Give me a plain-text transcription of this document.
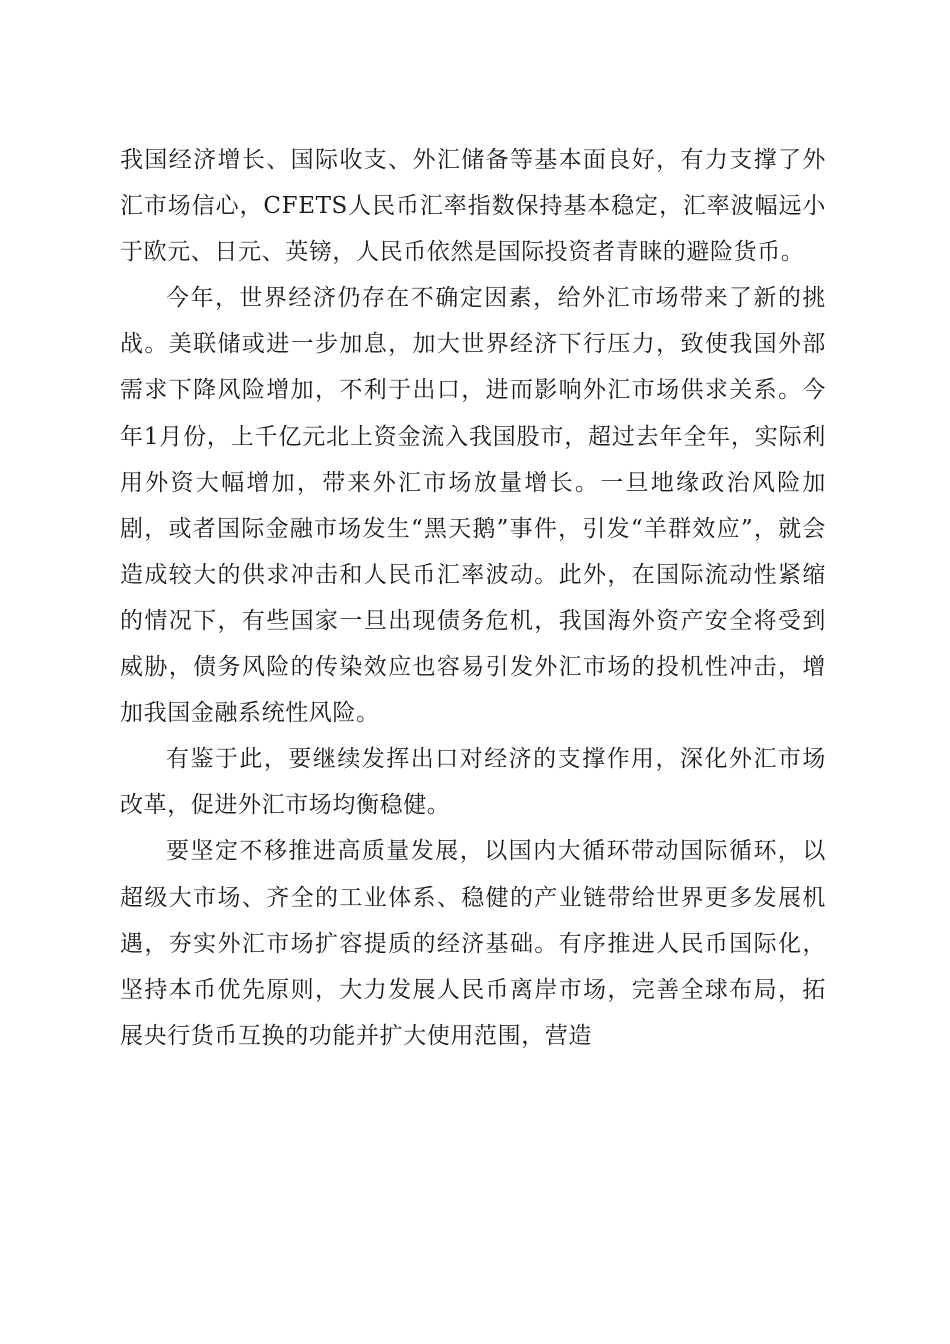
我国经济增长、国际收支、外汇储备等基本面良好，有力支撑了外汇市场信心，CFETS人民币汇率指数保持基本稳定，汇率波幅远小于欧元、日元、英镑，人民币依然是国际投资者青睐的避险货币。

今年，世界经济仍存在不确定因素，给外汇市场带来了新的挑战。美联储或进一步加息，加大世界经济下行压力，致使我国外部需求下降风险增加，不利于出口，进而影响外汇市场供求关系。今年1月份，上千亿元北上资金流入我国股市，超过去年全年，实际利用外资大幅增加，带来外汇市场放量增长。一旦地缘政治风险加剧，或者国际金融市场发生“黑天鹅”事件，引发“羊群效应”，就会造成较大的供求冲击和人民币汇率波动。此外，在国际流动性紧缩的情况下，有些国家一旦出现债务危机，我国海外资产安全将受到威胁，债务风险的传染效应也容易引发外汇市场的投机性冲击，增加我国金融系统性风险。

有鉴于此，要继续发挥出口对经济的支撑作用，深化外汇市场改革，促进外汇市场均衡稳健。

要坚定不移推进高质量发展，以国内大循环带动国际循环，以超级大市场、齐全的工业体系、稳健的产业链带给世界更多发展机遇，夯实外汇市场扩容提质的经济基础。有序推进人民币国际化，坚持本币优先原则，大力发展人民币离岸市场，完善全球布局，拓展央行货币互换的功能并扩大使用范围，营造
